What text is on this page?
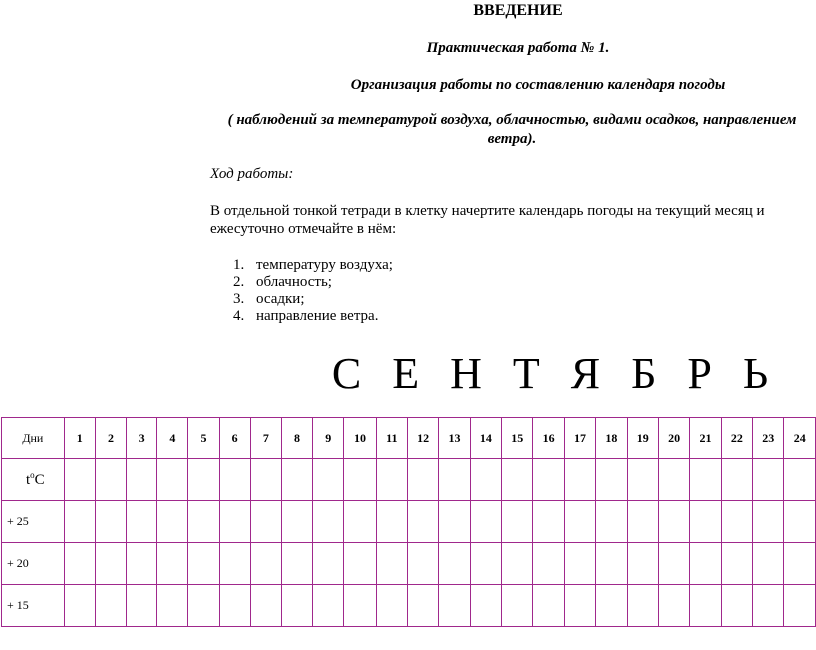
ВВЕДЕНИЕ
Практическая работа № 1.
Организация работы по составлению календаря погоды
( наблюдений за температурой воздуха, облачностью, видами осадков, направлением ветра).
Ход работы:
В отдельной тонкой тетради в клетку начертите календарь погоды на текущий месяц и ежесуточно отмечайте в нём:
1. температуру воздуха;
2. облачность;
3. осадки;
4. направление ветра.
С Е Н Т Я Б Р Ь
Дни	1	2	3	4	5	6	7	8	9	10	11	12	13	14	15	16	17	18	19	20	21	22	23	24
$t^oC$																								
+ 25																								
+ 20																								
+ 15																								
